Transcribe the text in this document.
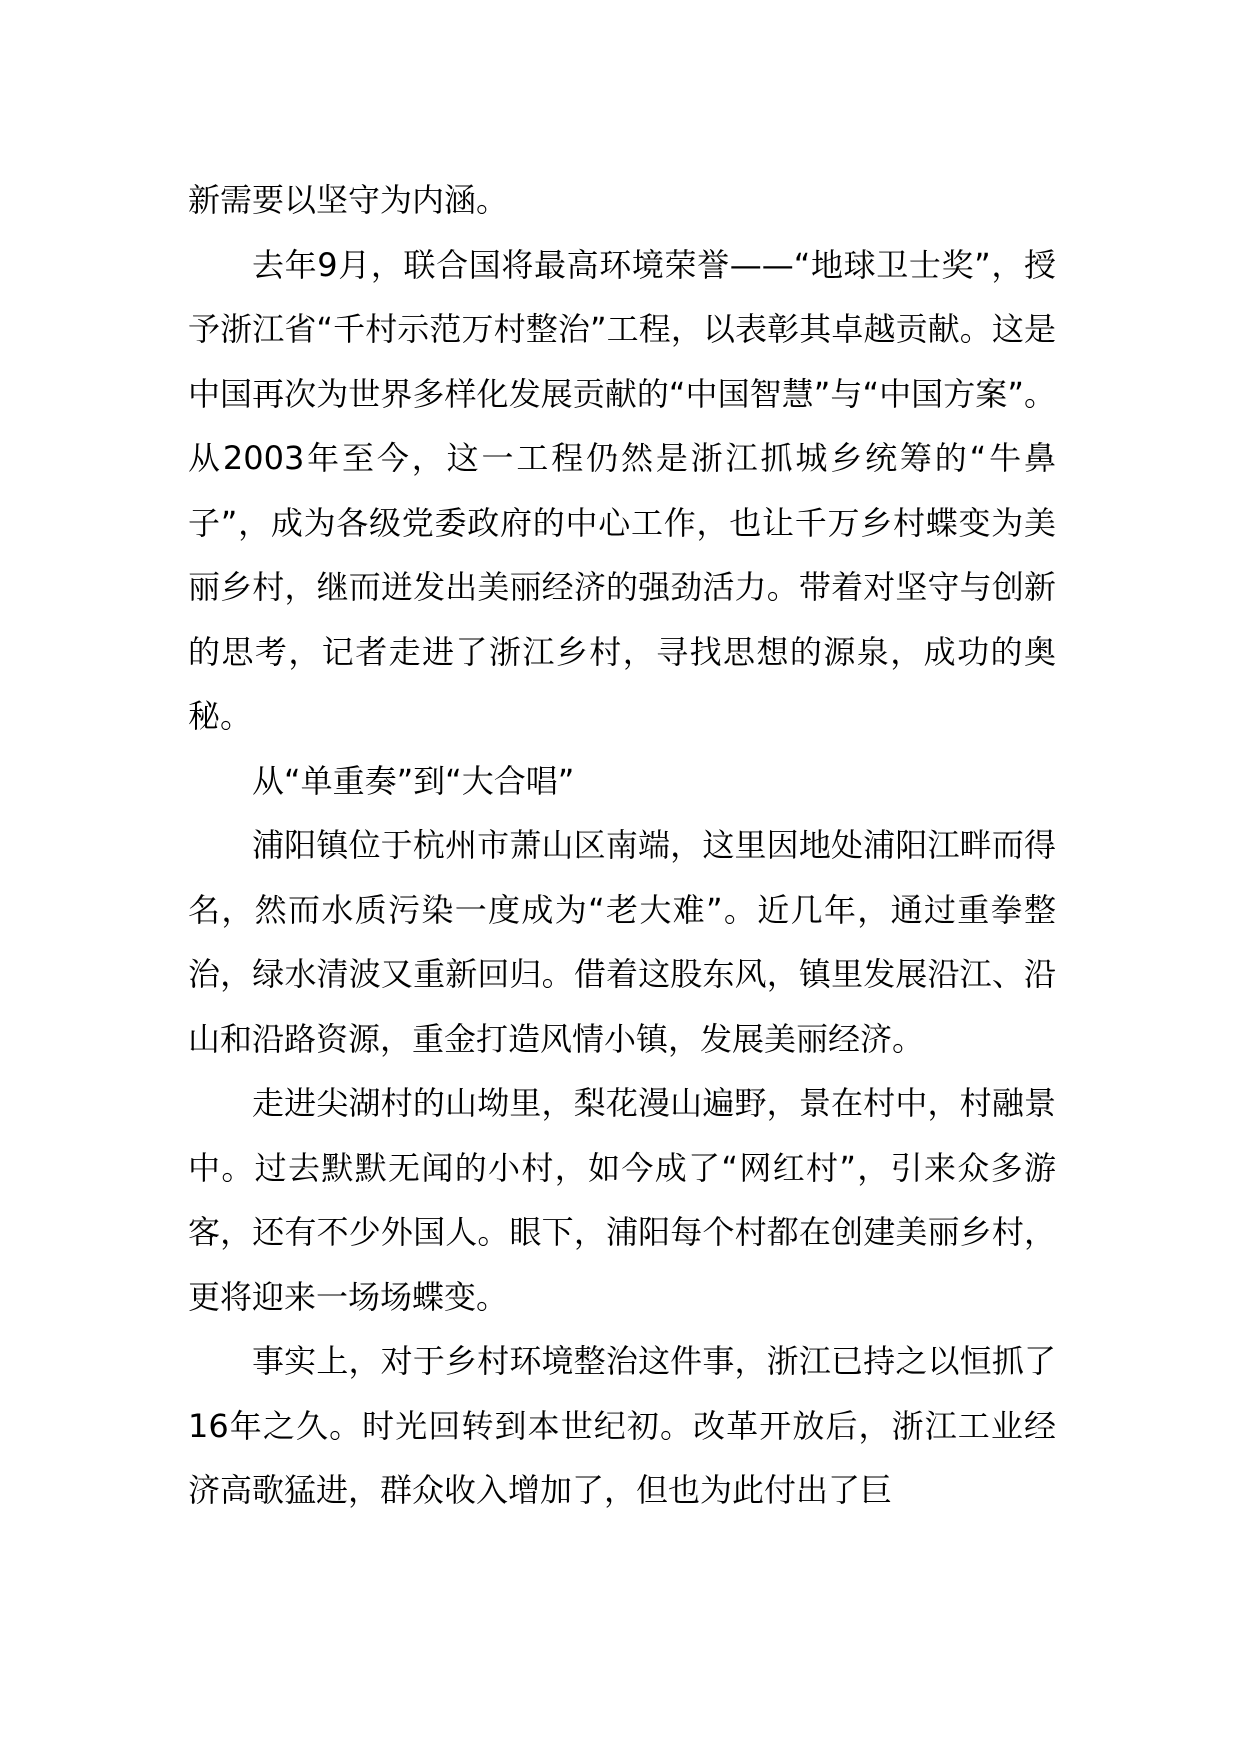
新需要以坚守为内涵。

去年9月，联合国将最高环境荣誉——“地球卫士奖”，授予浙江省“千村示范万村整治”工程，以表彰其卓越贡献。这是中国再次为世界多样化发展贡献的“中国智慧”与“中国方案”。从2003年至今，这一工程仍然是浙江抓城乡统筹的“牛鼻子”，成为各级党委政府的中心工作，也让千万乡村蝶变为美丽乡村，继而迸发出美丽经济的强劲活力。带着对坚守与创新的思考，记者走进了浙江乡村，寻找思想的源泉，成功的奥秘。

从“单重奏”到“大合唱”

浦阳镇位于杭州市萧山区南端，这里因地处浦阳江畔而得名，然而水质污染一度成为“老大难”。近几年，通过重拳整治，绿水清波又重新回归。借着这股东风，镇里发展沿江、沿山和沿路资源，重金打造风情小镇，发展美丽经济。

走进尖湖村的山坳里，梨花漫山遍野，景在村中，村融景中。过去默默无闻的小村，如今成了“网红村”，引来众多游客，还有不少外国人。眼下，浦阳每个村都在创建美丽乡村，更将迎来一场场蝶变。

事实上，对于乡村环境整治这件事，浙江已持之以恒抓了16年之久。时光回转到本世纪初。改革开放后，浙江工业经济高歌猛进，群众收入增加了，但也为此付出了巨
